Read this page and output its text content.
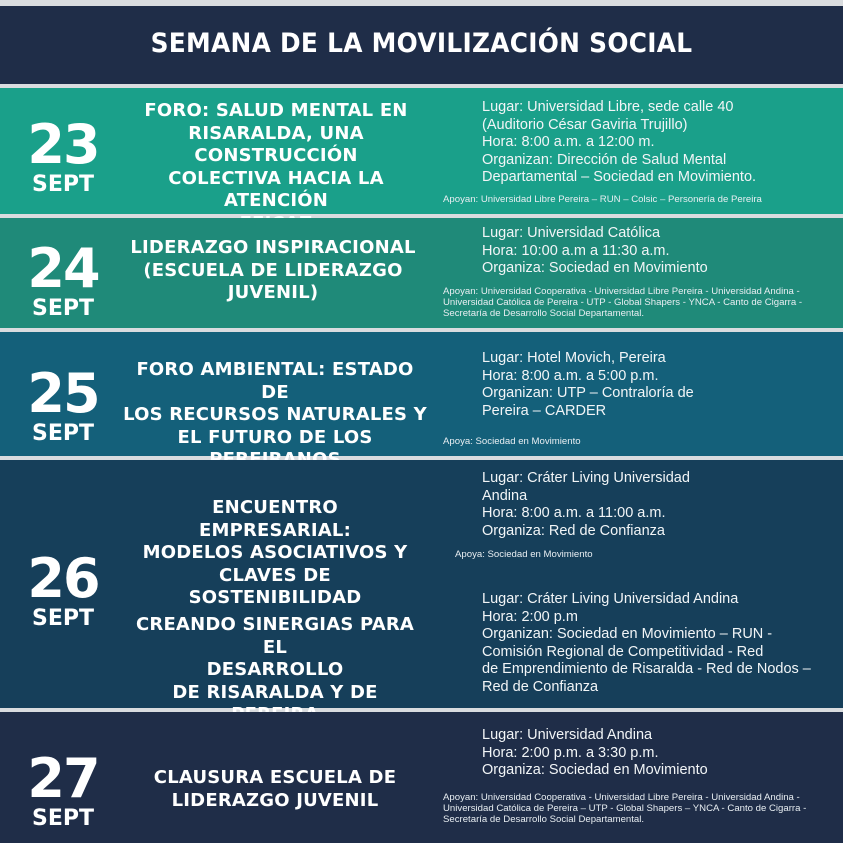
SEMANA DE LA MOVILIZACIÓN SOCIAL
23
SEPT
FORO: SALUD MENTAL EN
RISARALDA, UNA CONSTRUCCIÓN
COLECTIVA HACIA LA ATENCIÓN

Lugar: Universidad Libre, sede calle 40
(Auditorio César Gaviria Trujillo)
Hora: 8:00 a.m. a 12:00 m.
Organizan: Dirección de Salud Mental
Departamental – Sociedad en Movimiento.
Apoyan: Universidad Libre Pereira – RUN – Colsic – Personería de Pereira
24
SEPT
LIDERAZGO INSPIRACIONAL
(ESCUELA DE LIDERAZGO
JUVENIL)
Lugar: Universidad Católica
Hora: 10:00 a.m a 11:30 a.m.
Organiza: Sociedad en Movimiento
Apoyan: Universidad Cooperativa - Universidad Libre Pereira - Universidad Andina -
Universidad Católica de Pereira - UTP - Global Shapers - YNCA - Canto de Cigarra -
Secretaría de Desarrollo Social Departamental.
25
SEPT
FORO AMBIENTAL: ESTADO DE
LOS RECURSOS NATURALES Y
EL FUTURO DE LOS
Lugar: Hotel Movich, Pereira
Hora: 8:00 a.m. a 5:00 p.m.
Organizan: UTP – Contraloría de
Pereira – CARDER
Apoya: Sociedad en Movimiento
26
SEPT
ENCUENTRO EMPRESARIAL:
MODELOS ASOCIATIVOS Y
CLAVES DE SOSTENIBILIDAD
Lugar: Cráter Living Universidad
Andina
Hora: 8:00 a.m. a 11:00 a.m.
Organiza: Red de Confianza
Apoya: Sociedad en Movimiento
CREANDO SINERGIAS PARA EL
DESARROLLO
DE RISARALDA Y DE
Lugar: Cráter Living Universidad Andina
Hora: 2:00 p.m
Organizan: Sociedad en Movimiento – RUN -
Comisión Regional de Competitividad - Red
de Emprendimiento de Risaralda - Red de Nodos –
Red de Confianza
27
SEPT
CLAUSURA ESCUELA DE
LIDERAZGO JUVENIL
Lugar: Universidad Andina
Hora: 2:00 p.m. a 3:30 p.m.
Organiza: Sociedad en Movimiento
Apoyan: Universidad Cooperativa - Universidad Libre Pereira - Universidad Andina -
Universidad Católica de Pereira – UTP - Global Shapers – YNCA - Canto de Cigarra -
Secretaría de Desarrollo Social Departamental.
